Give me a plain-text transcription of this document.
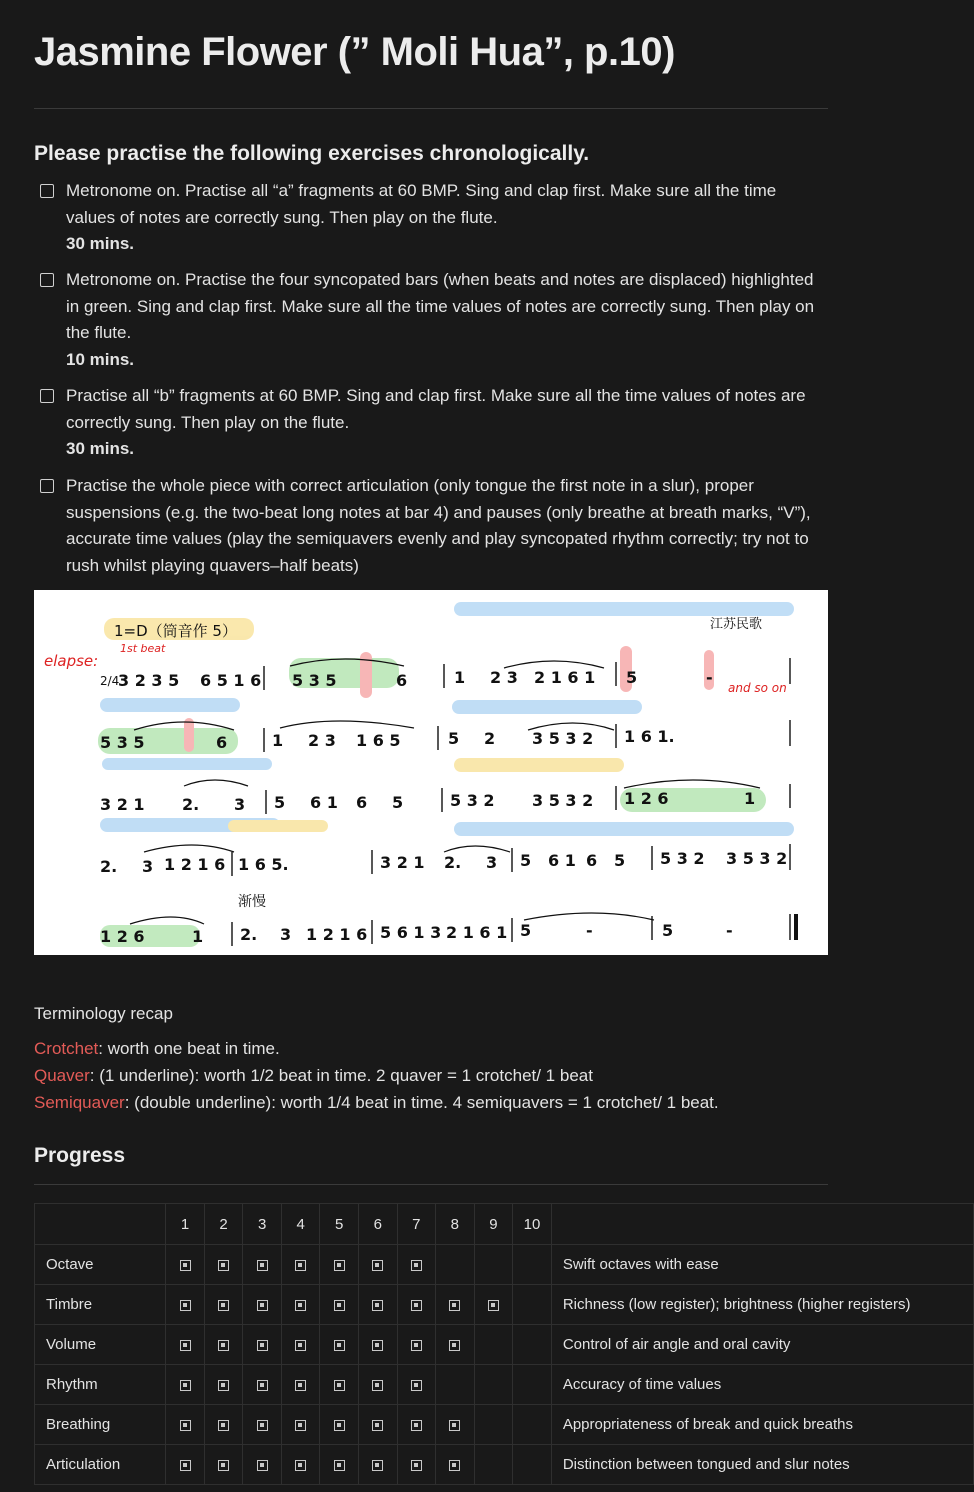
Jasmine Flower (” Moli Hua”, p.10)
Please practise the following exercises chronologically.
Metronome on. Practise all “a” fragments at 60 BMP. Sing and clap first. Make sure all the time values of notes are correctly sung. Then play on the flute.
30 mins.
Metronome on. Practise the four syncopated bars (when beats and notes are displaced) highlighted in green. Sing and clap first. Make sure all the time values of notes are correctly sung. Then play on the flute.
10 mins.
Practise all “b” fragments at 60 BMP. Sing and clap first. Make sure all the time values of notes are correctly sung. Then play on the flute.
30 mins.
Practise the whole piece with correct articulation (only tongue the first note in a slur), proper suspensions (e.g. the two-beat long notes at bar 4) and pauses (only breathe at breath marks, “V”), accurate time values (play the semiquavers evenly and play syncopated rhythm correctly; try not to rush whilst playing quavers–half beats)
1=D（筒音作 5）	江苏民歌
elapse:
1st beat
and so on
2/4
渐慢
3 2 3 5 6 5 1 6 5 3 5	6	1 2 3 2 1 6 1 5	-
5 3 5	6	1 2 3 1 6 5	5 2 3 5 3 2 1 6 1.
3 2 1 2. 3 5 6 1 6 5	5 3 2 3 5 3 2 1 2 6	1
2. 3 1 2 1 6 1 6 5.	3 2 1 2. 3 5 6 1 6 5 5 3 2 3 5 3 2
1 2 6	1 2. 3 1 2 1 6 5 6 1 3 2 1 6 1 5	-	5	-
Terminology recap
Crotchet: worth one beat in time.
Quaver: (1 underline): worth 1/2 beat in time. 2 quaver = 1 crotchet/ 1 beat
Semiquaver: (double underline): worth 1/4 beat in time. 4 semiquavers = 1 crotchet/ 1 beat.
Progress
	1	2	3	4	5	6	7	8	9	10	
Octave											Swift octaves with ease
Timbre											Richness (low register); brightness (higher registers)
Volume											Control of air angle and oral cavity
Rhythm											Accuracy of time values
Breathing											Appropriateness of break and quick breaths
Articulation											Distinction between tongued and slur notes
